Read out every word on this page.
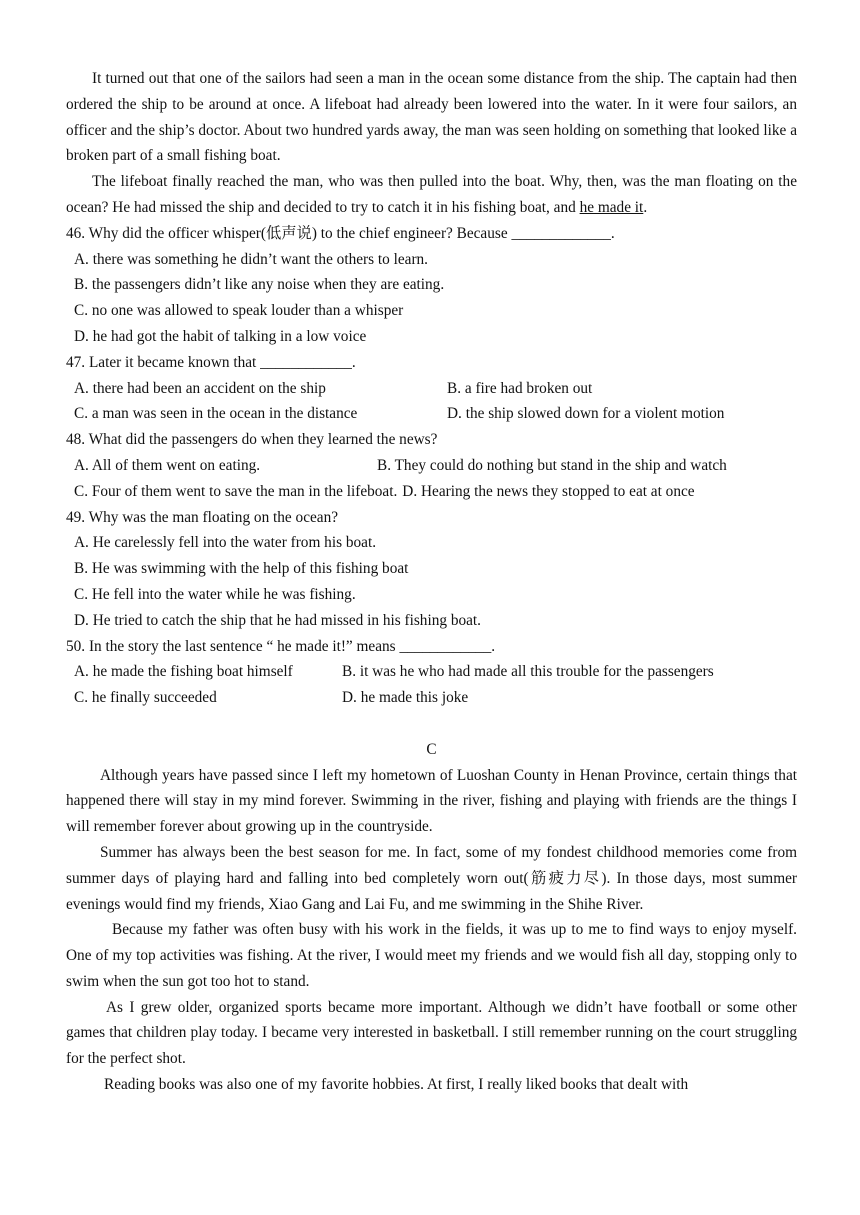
It turned out that one of the sailors had seen a man in the ocean some distance from the ship. The captain had then ordered the ship to be around at once. A lifeboat had already been lowered into the water. In it were four sailors, an officer and the ship’s doctor. About two hundred yards away, the man was seen holding on something that looked like a broken part of a small fishing boat.

The lifeboat finally reached the man, who was then pulled into the boat. Why, then, was the man floating on the ocean? He had missed the ship and decided to try to catch it in his fishing boat, and he made it.

46. Why did the officer whisper(低声说) to the chief engineer? Because _____________.

A. there was something he didn’t want the others to learn.

B. the passengers didn’t like any noise when they are eating.

C. no one was allowed to speak louder than a whisper

D. he had got the habit of talking in a low voice

47. Later it became known that ____________.

A. there had been an accident on the ship	B. a fire had broken out
C. a man was seen in the ocean in the distance	D. the ship slowed down for a violent motion

48. What did the passengers do when they learned the news?

A. All of them went on eating.	B. They could do nothing but stand in the ship and watch
C. Four of them went to save the man in the lifeboat. D. Hearing the news they stopped to eat at once

49. Why was the man floating on the ocean?

A. He carelessly fell into the water from his boat.

B. He was swimming with the help of this fishing boat

C. He fell into the water while he was fishing.

D. He tried to catch the ship that he had missed in his fishing boat.

50. In the story the last sentence “ he made it!” means ____________.

A. he made the fishing boat himself	B. it was he who had made all this trouble for the passengers
C. he finally succeeded	D. he made this joke

C

Although years have passed since I left my hometown of Luoshan County in Henan Province, certain things that happened there will stay in my mind forever. Swimming in the river, fishing and playing with friends are the things I will remember forever about growing up in the countryside.

Summer has always been the best season for me. In fact, some of my fondest childhood memories come from summer days of playing hard and falling into bed completely worn out(筋疲力尽). In those days, most summer evenings would find my friends, Xiao Gang and Lai Fu, and me swimming in the Shihe River.

Because my father was often busy with his work in the fields, it was up to me to find ways to enjoy myself. One of my top activities was fishing. At the river, I would meet my friends and we would fish all day, stopping only to swim when the sun got too hot to stand.

As I grew older, organized sports became more important. Although we didn’t have football or some other games that children play today. I became very interested in basketball. I still remember running on the court struggling for the perfect shot.

Reading books was also one of my favorite hobbies. At first, I really liked books that dealt with
